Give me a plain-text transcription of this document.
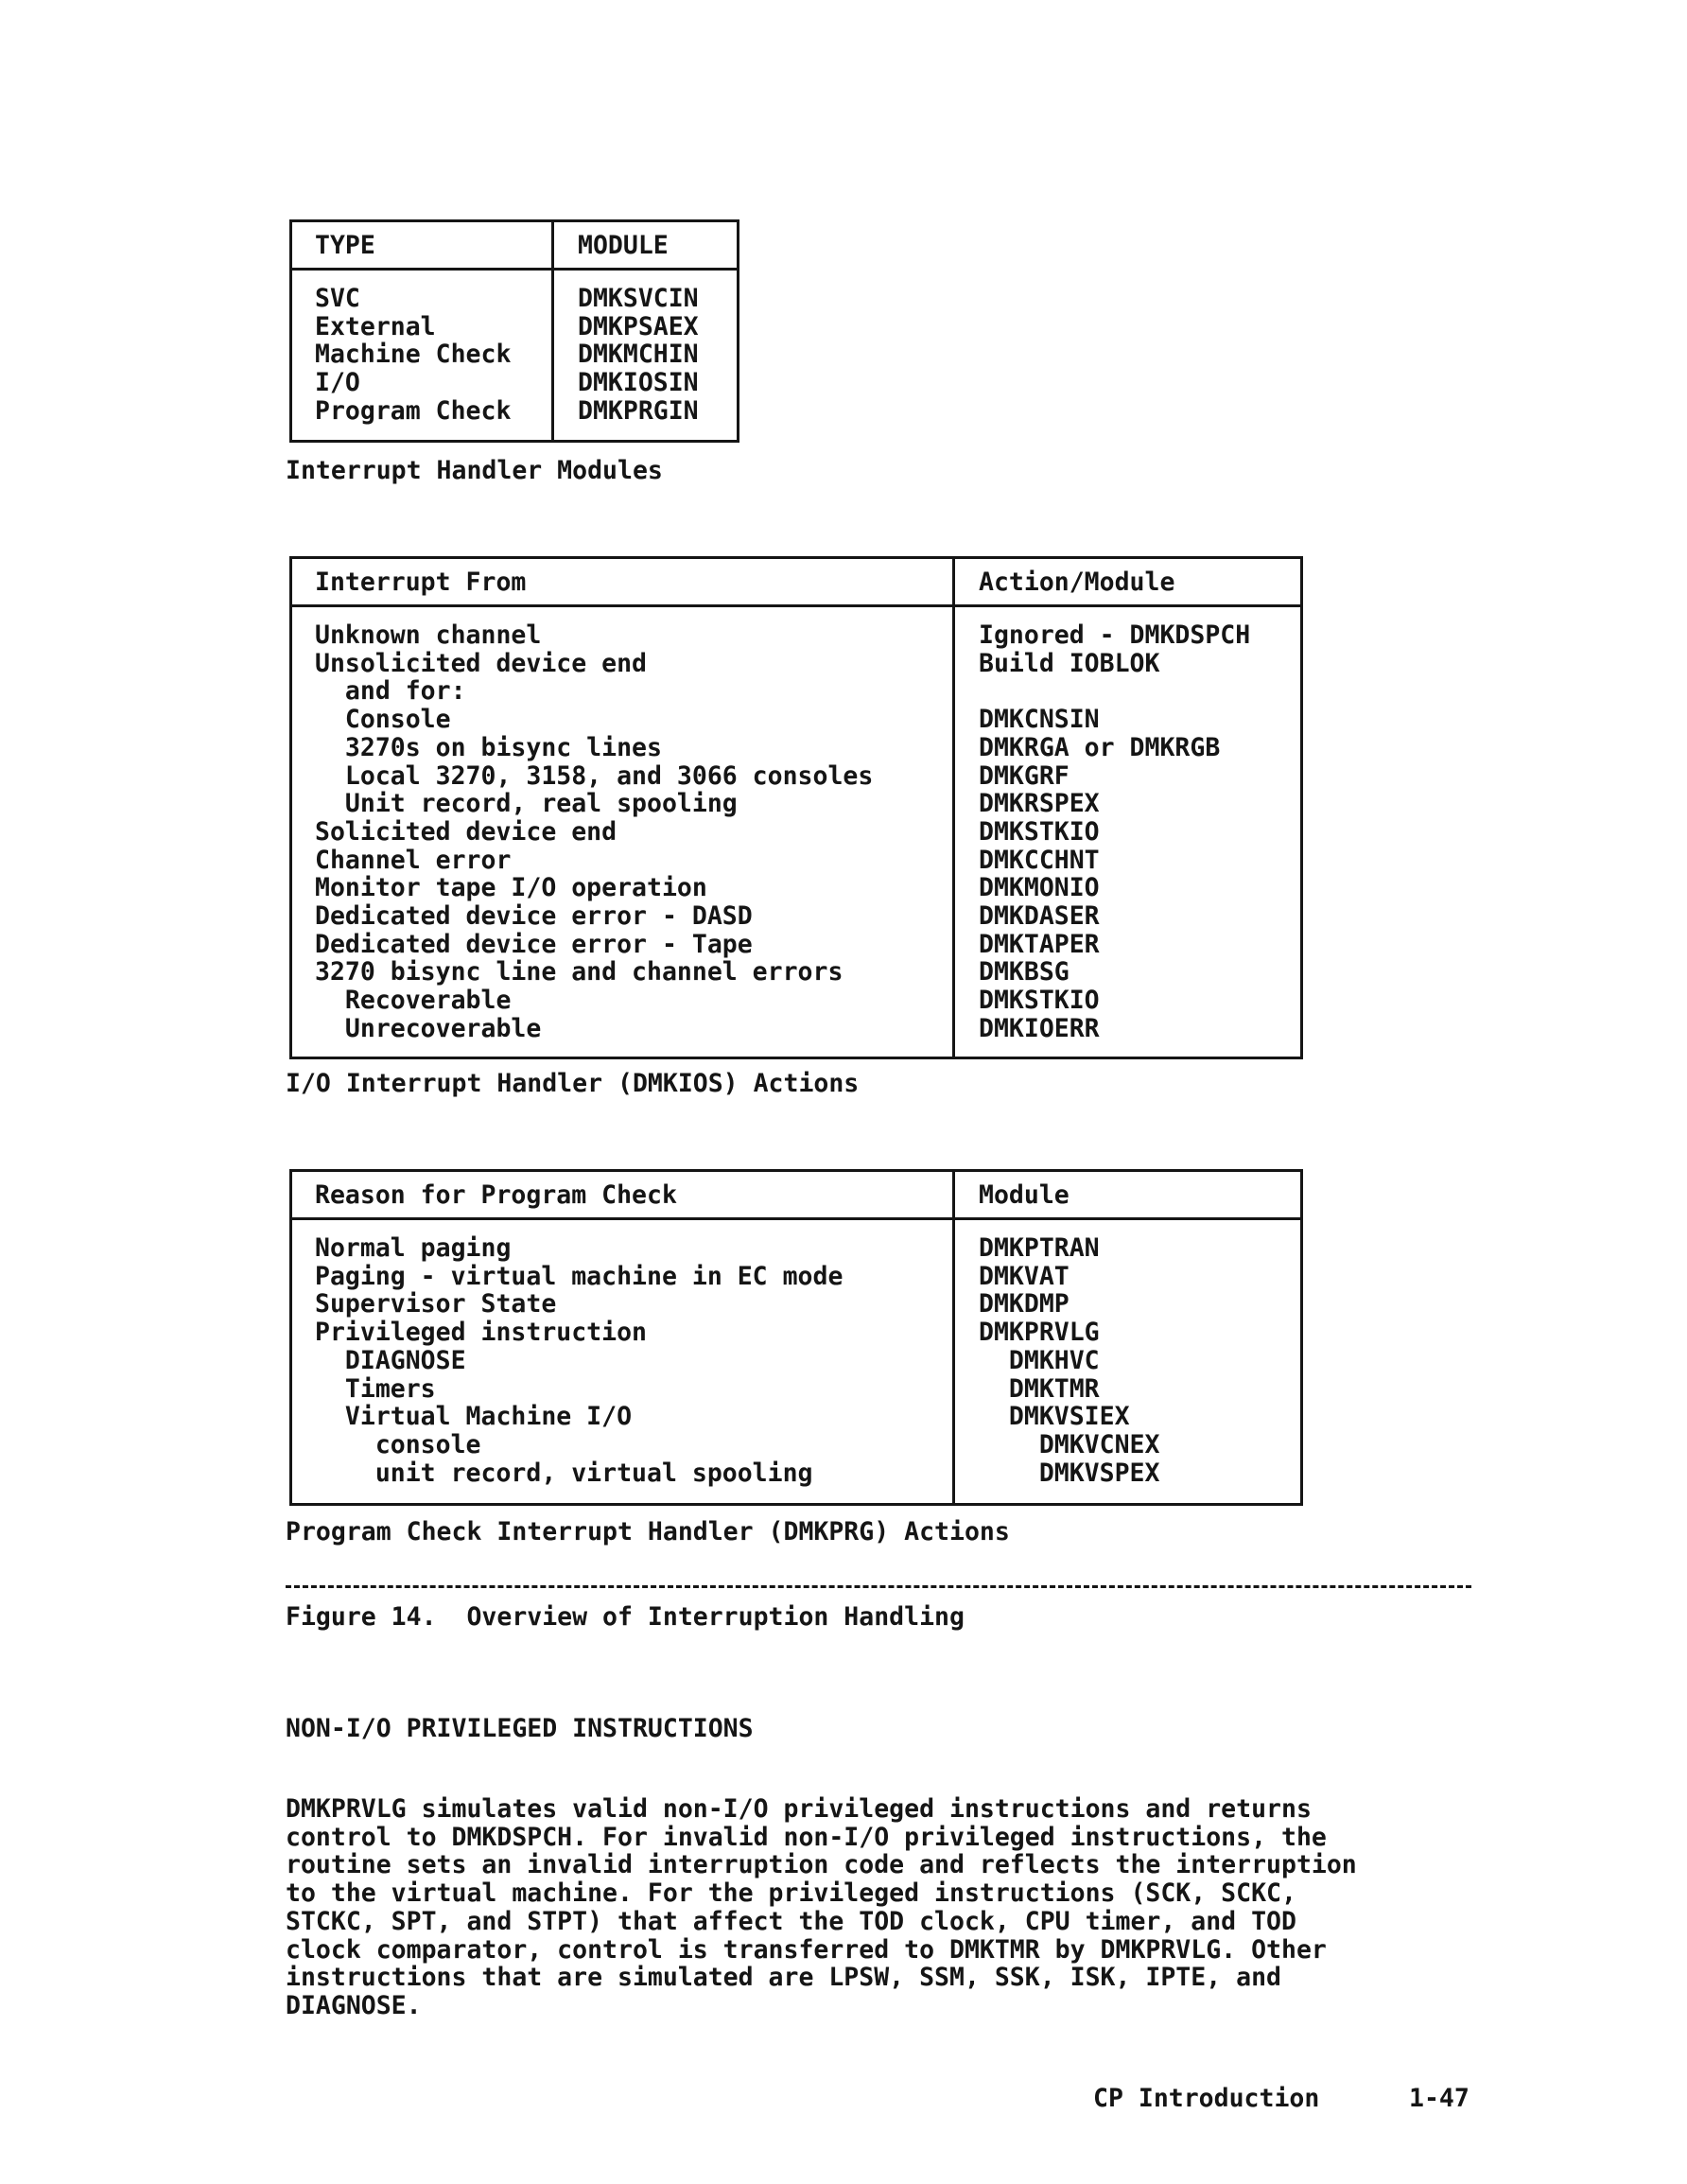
TYPE	MODULE
SVC	DMKSVCIN
External	DMKPSAEX
Machine Check	DMKMCHIN
I/O	DMKIOSIN
Program Check	DMKPRGIN
Interrupt Handler Modules
Interrupt From	Action/Module
Unknown channel	Ignored - DMKDSPCH
Unsolicited device end	Build IOBLOK
and for:
Console	DMKCNSIN
3270s on bisync lines	DMKRGA or DMKRGB
Local 3270, 3158, and 3066 consoles	DMKGRF
Unit record, real spooling	DMKRSPEX
Solicited device end	DMKSTKIO
Channel error	DMKCCHNT
Monitor tape I/O operation	DMKMONIO
Dedicated device error - DASD	DMKDASER
Dedicated device error - Tape	DMKTAPER
3270 bisync line and channel errors	DMKBSG
Recoverable	DMKSTKIO
Unrecoverable	DMKIOERR
I/O Interrupt Handler (DMKIOS) Actions
Reason for Program Check	Module
Normal paging	DMKPTRAN
Paging - virtual machine in EC mode	DMKVAT
Supervisor State	DMKDMP
Privileged instruction	DMKPRVLG
DIAGNOSE	DMKHVC
Timers	DMKTMR
Virtual Machine I/O	DMKVSIEX
console	DMKVCNEX
unit record, virtual spooling	DMKVSPEX
Program Check Interrupt Handler (DMKPRG) Actions
Figure 14.  Overview of Interruption Handling
NON-I/O PRIVILEGED INSTRUCTIONS
DMKPRVLG simulates valid non-I/O privileged instructions and returns
control to DMKDSPCH. For invalid non-I/O privileged instructions, the
routine sets an invalid interruption code and reflects the interruption
to the virtual machine. For the privileged instructions (SCK, SCKC,
STCKC, SPT, and STPT) that affect the TOD clock, CPU timer, and TOD
clock comparator, control is transferred to DMKTMR by DMKPRVLG. Other
instructions that are simulated are LPSW, SSM, SSK, ISK, IPTE, and
DIAGNOSE.
CP Introduction	1-47
